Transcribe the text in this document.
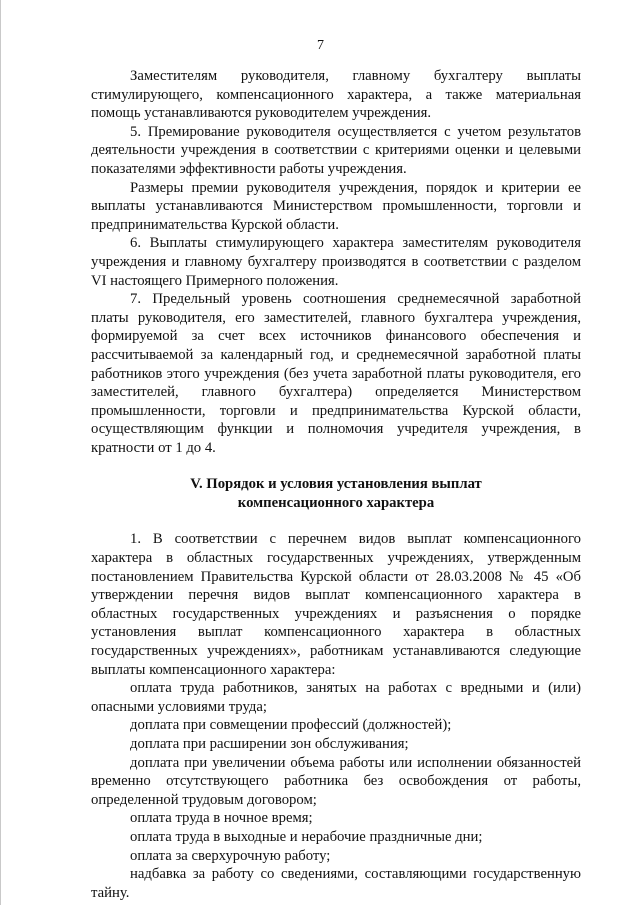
7

Заместителям руководителя, главному бухгалтеру выплаты стимулирующего, компенсационного характера, а также материальная помощь устанавливаются руководителем учреждения.

5. Премирование руководителя осуществляется с учетом результатов деятельности учреждения в соответствии с критериями оценки и целевыми показателями эффективности работы учреждения.

Размеры премии руководителя учреждения, порядок и критерии ее выплаты устанавливаются Министерством промышленности, торговли и предпринимательства Курской области.

6. Выплаты стимулирующего характера заместителям руководителя учреждения и главному бухгалтеру производятся в соответствии с разделом VI настоящего Примерного положения.

7. Предельный уровень соотношения среднемесячной заработной платы руководителя, его заместителей, главного бухгалтера учреждения, формируемой за счет всех источников финансового обеспечения и рассчитываемой за календарный год, и среднемесячной заработной платы работников этого учреждения (без учета заработной платы руководителя, его заместителей, главного бухгалтера) определяется Министерством промышленности, торговли и предпринимательства Курской области, осуществляющим функции и полномочия учредителя учреждения, в кратности от 1 до 4.

V. Порядок и условия установления выплат
компенсационного характера

1. В соответствии с перечнем видов выплат компенсационного характера в областных государственных учреждениях, утвержденным постановлением Правительства Курской области от 28.03.2008 № 45 «Об утверждении перечня видов выплат компенсационного характера в областных государственных учреждениях и разъяснения о порядке установления выплат компенсационного характера в областных государственных учреждениях», работникам устанавливаются следующие выплаты компенсационного характера:

оплата труда работников, занятых на работах с вредными и (или) опасными условиями труда;

доплата при совмещении профессий (должностей);

доплата при расширении зон обслуживания;

доплата при увеличении объема работы или исполнении обязанностей временно отсутствующего работника без освобождения от работы, определенной трудовым договором;

оплата труда в ночное время;

оплата труда в выходные и нерабочие праздничные дни;

оплата за сверхурочную работу;

надбавка за работу со сведениями, составляющими государственную тайну.
